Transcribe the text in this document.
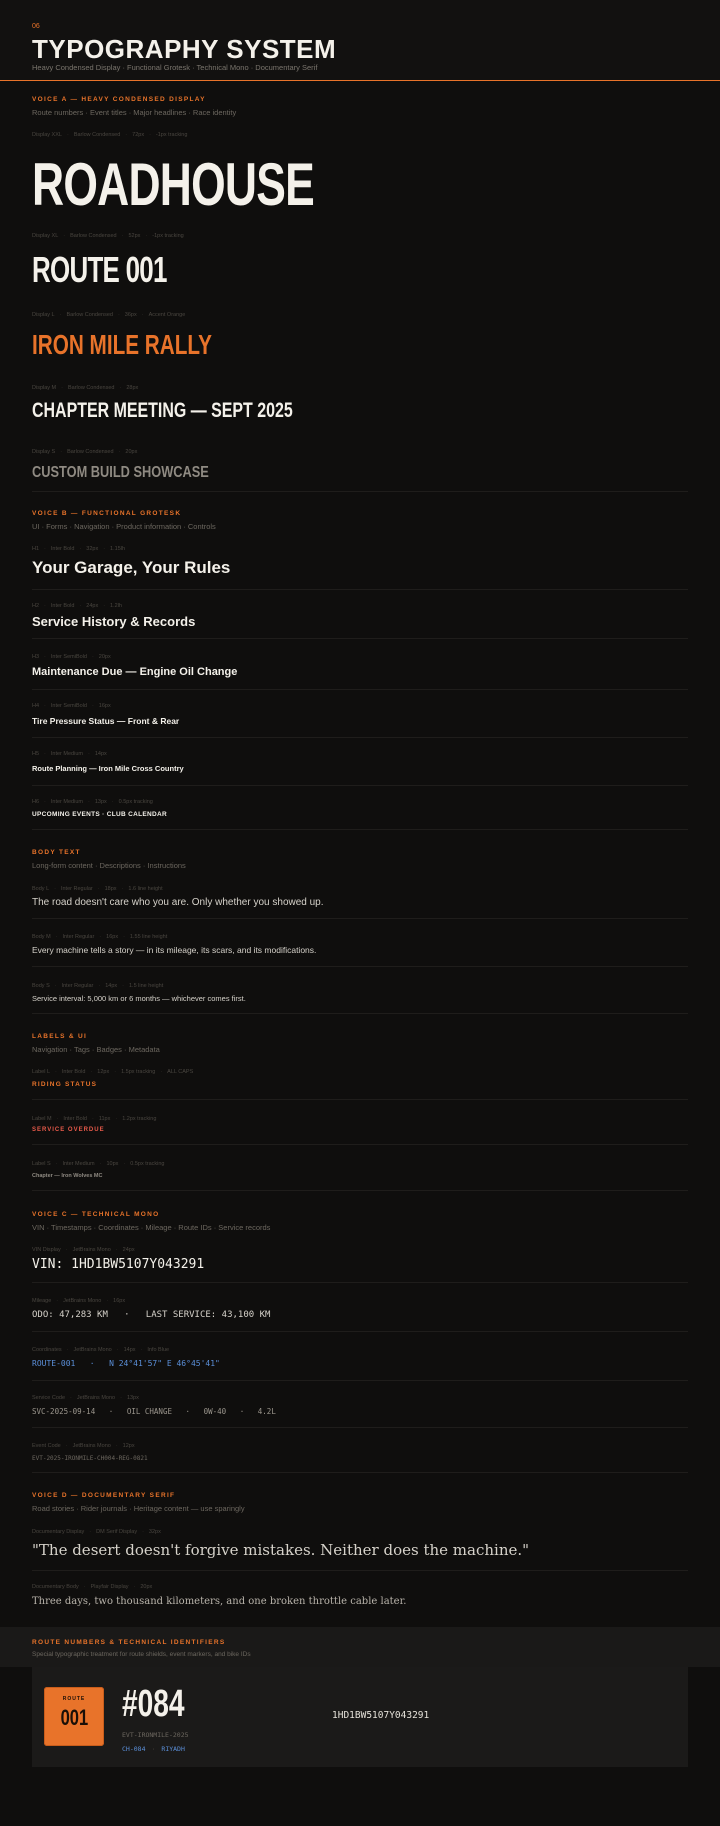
06
TYPOGRAPHY SYSTEM
Heavy Condensed Display · Functional Grotesk · Technical Mono · Documentary Serif
VOICE A — HEAVY CONDENSED DISPLAY
Route numbers · Event titles · Major headlines · Race identity
Display XXL · Barlow Condensed · 72px · -1px tracking
ROADHOUSE
Display XL · Barlow Condensed · 52px · -1px tracking
ROUTE 001
Display L · Barlow Condensed · 36px · Accent Orange
IRON MILE RALLY
Display M · Barlow Condensed · 28px
CHAPTER MEETING — SEPT 2025
Display S · Barlow Condensed · 20px
CUSTOM BUILD SHOWCASE
VOICE B — FUNCTIONAL GROTESK
UI · Forms · Navigation · Product information · Controls
H1 · Inter Bold · 32px · 1.15lh
Your Garage, Your Rules
H2 · Inter Bold · 24px · 1.2lh
Service History & Records
H3 · Inter SemiBold · 20px
Maintenance Due — Engine Oil Change
H4 · Inter SemiBold · 16px
Tire Pressure Status — Front & Rear
H5 · Inter Medium · 14px
Route Planning — Iron Mile Cross Country
H6 · Inter Medium · 13px · 0.5px tracking
UPCOMING EVENTS · CLUB CALENDAR
BODY TEXT
Long-form content · Descriptions · Instructions
Body L · Inter Regular · 18px · 1.6 line height
The road doesn't care who you are. Only whether you showed up.
Body M · Inter Regular · 16px · 1.55 line height
Every machine tells a story — in its mileage, its scars, and its modifications.
Body S · Inter Regular · 14px · 1.5 line height
Service interval: 5,000 km or 6 months — whichever comes first.
LABELS & UI
Navigation · Tags · Badges · Metadata
Label L · Inter Bold · 12px · 1.5px tracking · ALL CAPS
RIDING STATUS
Label M · Inter Bold · 11px · 1.2px tracking
SERVICE OVERDUE
Label S · Inter Medium · 10px · 0.5px tracking
Chapter — Iron Wolves MC
VOICE C — TECHNICAL MONO
VIN · Timestamps · Coordinates · Mileage · Route IDs · Service records
VIN Display · JetBrains Mono · 24px
VIN: 1HD1BW5107Y043291
Mileage · JetBrains Mono · 16px
ODO: 47,283 KM   ·   LAST SERVICE: 43,100 KM
Coordinates · JetBrains Mono · 14px · Info Blue
ROUTE-001   ·   N 24°41'57" E 46°45'41"
Service Code · JetBrains Mono · 13px
SVC-2025-09-14   ·   OIL CHANGE   ·   0W-40   ·   4.2L
Event Code · JetBrains Mono · 12px
EVT-2025-IRONMILE-CH004-REG-0821
VOICE D — DOCUMENTARY SERIF
Road stories · Rider journals · Heritage content — use sparingly
Documentary Display · DM Serif Display · 32px
"The desert doesn't forgive mistakes. Neither does the machine."
Documentary Body · Playfair Display · 20px
Three days, two thousand kilometers, and one broken throttle cable later.
ROUTE NUMBERS & TECHNICAL IDENTIFIERS
Special typographic treatment for route shields, event markers, and bike IDs
ROUTE
001 #084
EVT-IRONMILE-2025
CH-084 · RIYADH
1HD1BW5107Y043291
